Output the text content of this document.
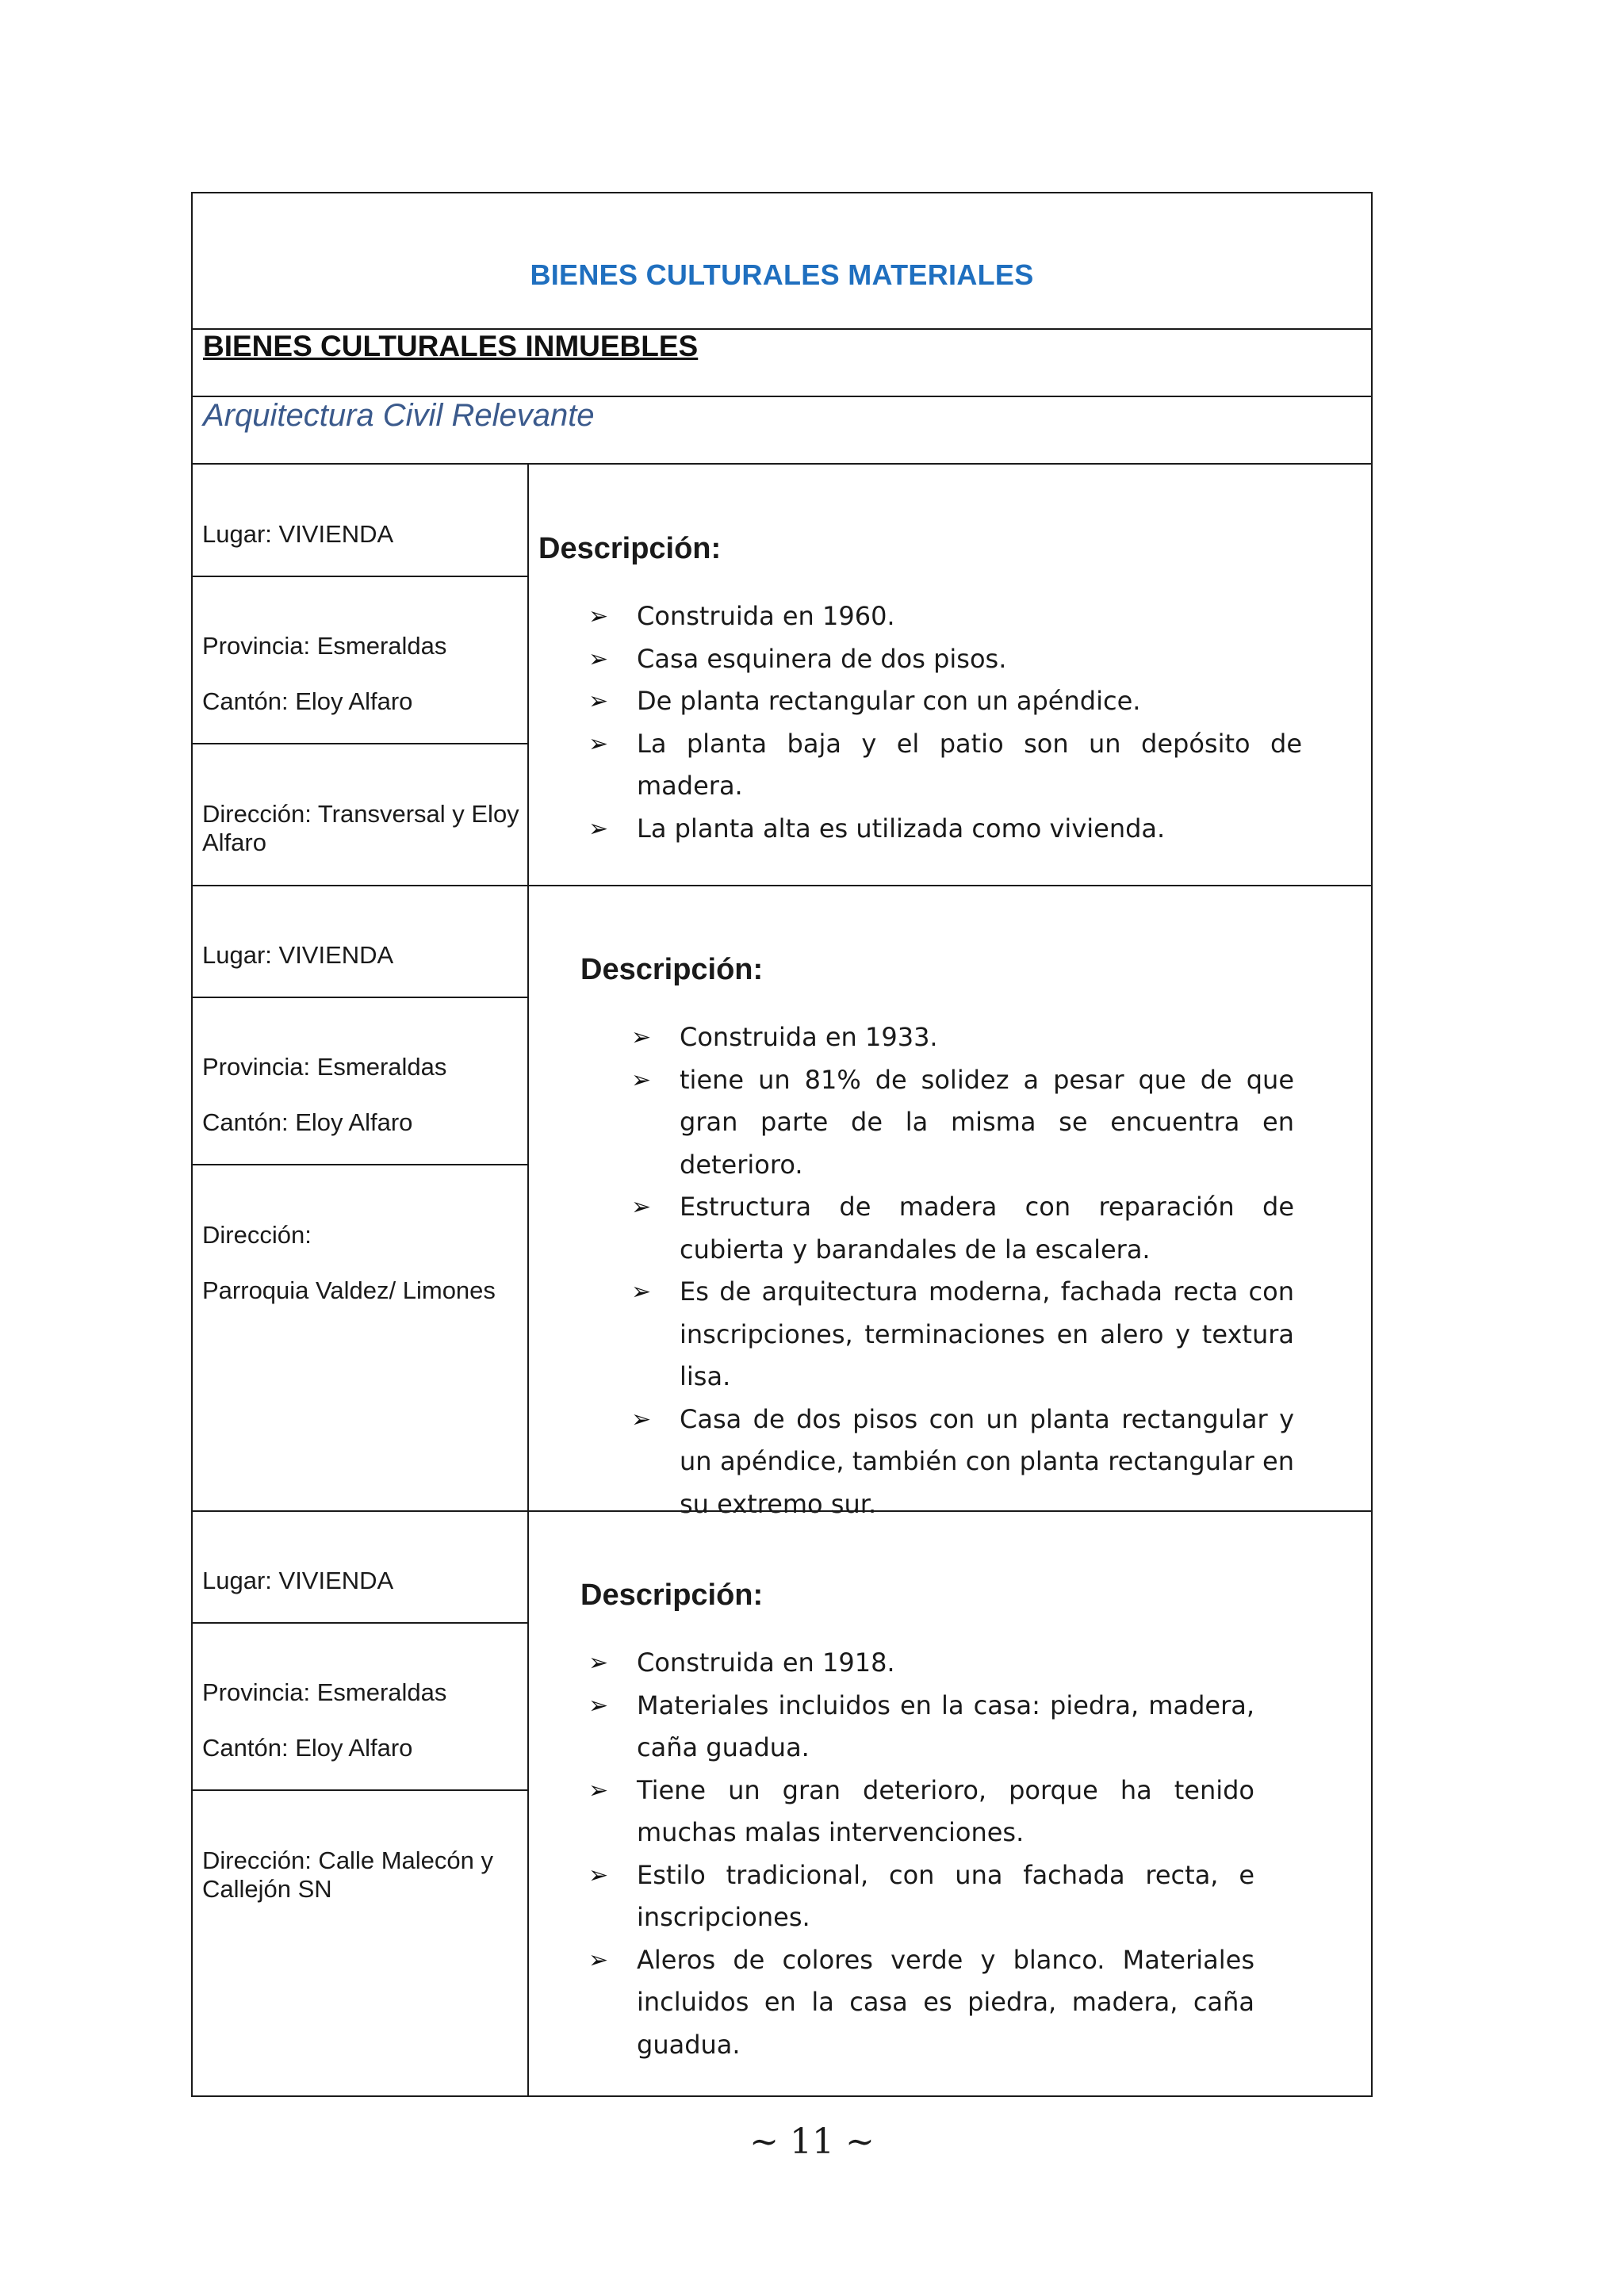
BIENES CULTURALES MATERIALES
BIENES CULTURALES INMUEBLES
Arquitectura Civil Relevante
Lugar: VIVIENDA
Provincia: Esmeraldas
Cantón: Eloy Alfaro
Dirección: Transversal y Eloy Alfaro
Descripción:
➢ Construida en 1960.
➢ Casa esquinera de dos pisos.
➢ De planta rectangular con un apéndice.
➢ La planta baja y el patio son un depósito de madera.
➢ La planta alta es utilizada como vivienda.
Lugar: VIVIENDA
Provincia: Esmeraldas
Cantón: Eloy Alfaro
Dirección:
Parroquia Valdez/ Limones
Descripción:
➢ Construida en 1933.
➢ tiene un 81% de solidez a pesar que de que gran parte de la misma se encuentra en deterioro.
➢ Estructura de madera con reparación de cubierta y barandales de la escalera.
➢ Es de arquitectura moderna, fachada recta con inscripciones, terminaciones en alero y textura lisa.
➢ Casa de dos pisos con un planta rectangular y un apéndice, también con planta rectangular en su extremo sur.
Lugar: VIVIENDA
Provincia: Esmeraldas
Cantón: Eloy Alfaro
Dirección: Calle Malecón y Callejón SN
Descripción:
➢ Construida en 1918.
➢ Materiales incluidos en la casa: piedra, madera, caña guadua.
➢ Tiene un gran deterioro, porque ha tenido muchas malas intervenciones.
➢ Estilo tradicional, con una fachada recta, e inscripciones.
➢ Aleros de colores verde y blanco. Materiales incluidos en la casa es piedra, madera, caña guadua.
~ 11 ~
